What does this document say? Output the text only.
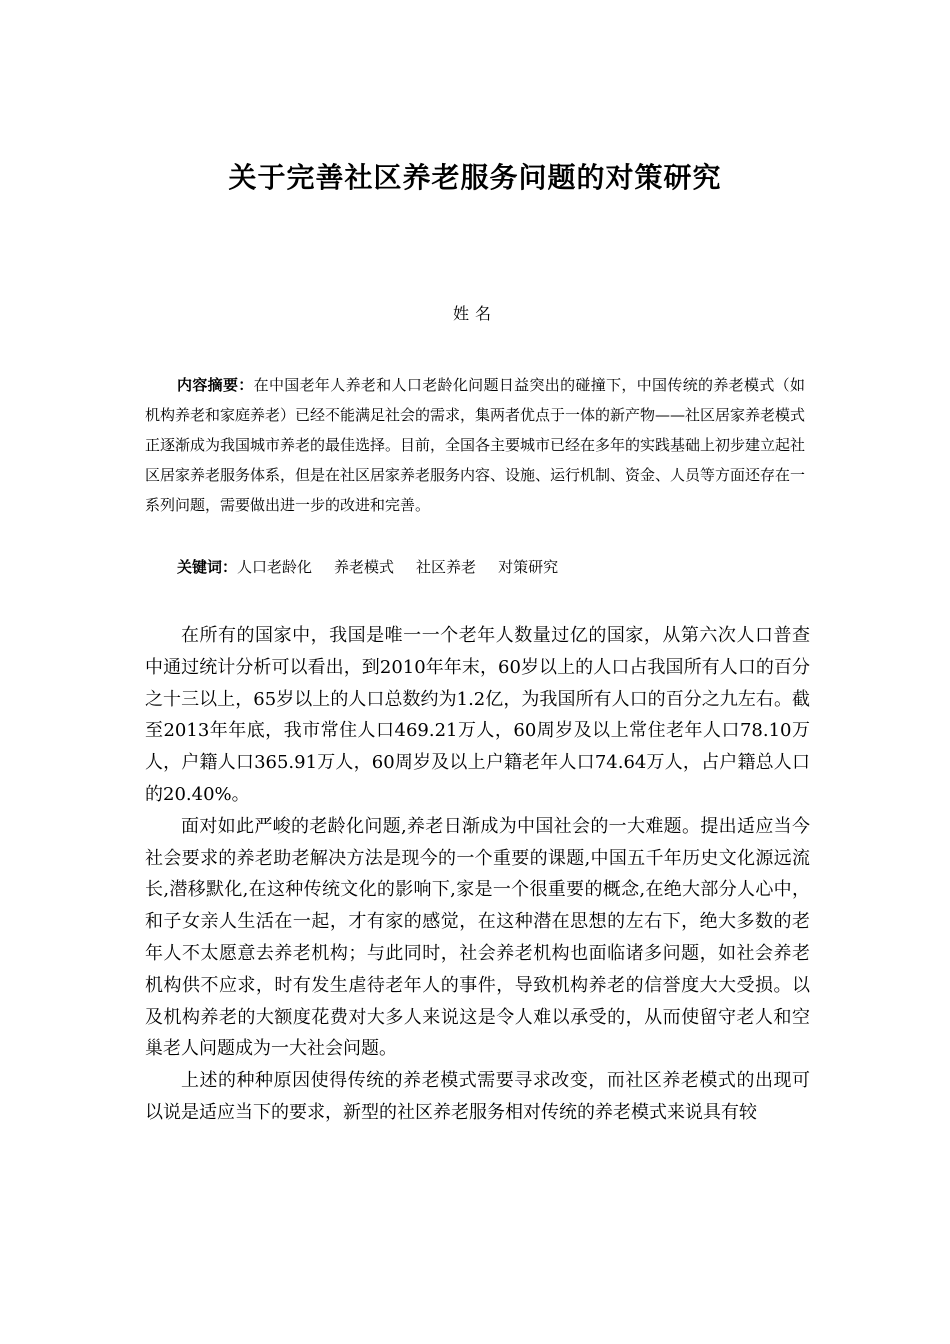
关于完善社区养老服务问题的对策研究
姓名

内容摘要：在中国老年人养老和人口老龄化问题日益突出的碰撞下，中国传统的养老模式（如机构养老和家庭养老）已经不能满足社会的需求，集两者优点于一体的新产物——社区居家养老模式正逐渐成为我国城市养老的最佳选择。目前，全国各主要城市已经在多年的实践基础上初步建立起社区居家养老服务体系，但是在社区居家养老服务内容、设施、运行机制、资金、人员等方面还存在一系列问题，需要做出进一步的改进和完善。

关键词：人口老龄化 养老模式 社区养老 对策研究

在所有的国家中，我国是唯一一个老年人数量过亿的国家，从第六次人口普查中通过统计分析可以看出，到2010年年末，60岁以上的人口占我国所有人口的百分之十三以上，65岁以上的人口总数约为1.2亿，为我国所有人口的百分之九左右。截至2013年年底，我市常住人口469.21万人，60周岁及以上常住老年人口78.10万人，户籍人口365.91万人，60周岁及以上户籍老年人口74.64万人，占户籍总人口的20.40%。

面对如此严峻的老龄化问题,养老日渐成为中国社会的一大难题。提出适应当今社会要求的养老助老解决方法是现今的一个重要的课题,中国五千年历史文化源远流长,潜移默化,在这种传统文化的影响下,家是一个很重要的概念,在绝大部分人心中，和子女亲人生活在一起，才有家的感觉，在这种潜在思想的左右下，绝大多数的老年人不太愿意去养老机构；与此同时，社会养老机构也面临诸多问题，如社会养老机构供不应求，时有发生虐待老年人的事件，导致机构养老的信誉度大大受损。以及机构养老的大额度花费对大多人来说这是令人难以承受的，从而使留守老人和空巢老人问题成为一大社会问题。

上述的种种原因使得传统的养老模式需要寻求改变，而社区养老模式的出现可以说是适应当下的要求，新型的社区养老服务相对传统的养老模式来说具有较
